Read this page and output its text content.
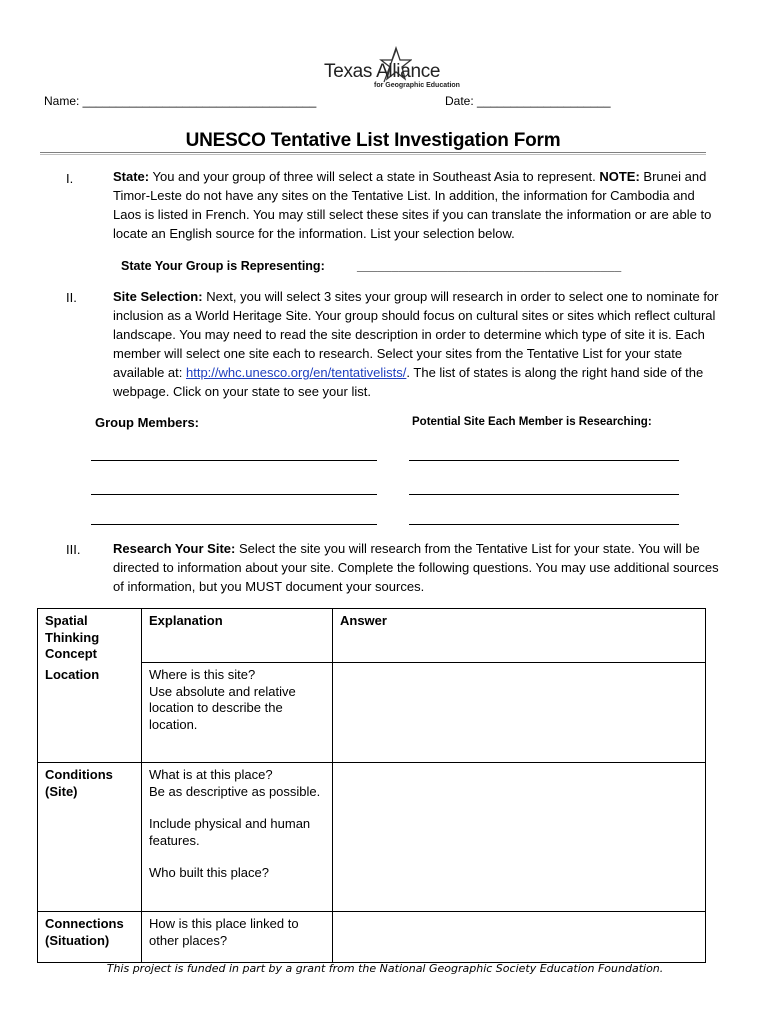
Texas Alliance
for Geographic Education
Name: ___________________________________	Date: ____________________
UNESCO Tentative List Investigation Form
I.	State: You and your group of three will select a state in Southeast Asia to represent. NOTE: Brunei and Timor-Leste do not have any sites on the Tentative List. In addition, the information for Cambodia and Laos is listed in French. You may still select these sites if you can translate the information or are able to locate an English source for the information. List your selection below.
State Your Group is Representing:	______________________________________
II.	Site Selection: Next, you will select 3 sites your group will research in order to select one to nominate for inclusion as a World Heritage Site. Your group should focus on cultural sites or sites which reflect cultural landscape. You may need to read the site description in order to determine which type of site it is. Each member will select one site each to research. Select your sites from the Tentative List for your state available at: http://whc.unesco.org/en/tentativelists/. The list of states is along the right hand side of the webpage. Click on your state to see your list.
Group Members:	Potential Site Each Member is Researching:
III.	Research Your Site: Select the site you will research from the Tentative List for your state. You will be directed to information about your site. Complete the following questions. You may use additional sources of information, but you MUST document your sources.
Spatial Thinking Concept	Explanation	Answer
Location	Where is this site?
Use absolute and relative location to describe the location.	

Conditions (Site)	What is at this place?
Be as descriptive as possible.
Include physical and human features.
Who built this place?	

Connections (Situation)	How is this place linked to other places?	

This project is funded in part by a grant from the National Geographic Society Education Foundation.
